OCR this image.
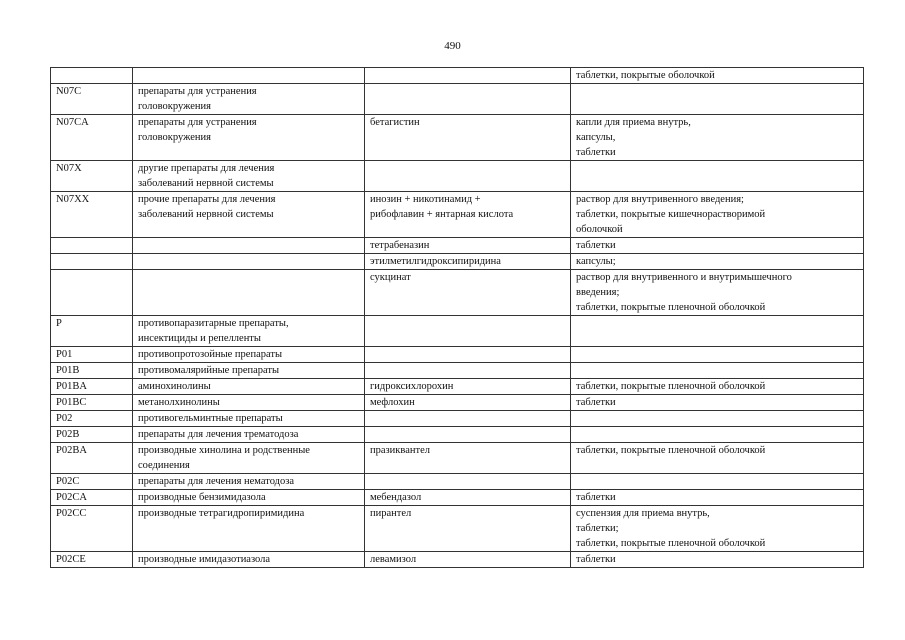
490

			таблетки, покрытые оболочкой

N07C	препараты для устранения
головокружения		

N07CA	препараты для устранения
головокружения	бетагистин	капли для приема внутрь,
капсулы,
таблетки

N07X	другие препараты для лечения
заболеваний нервной системы		

N07XX	прочие препараты для лечения
заболеваний нервной системы	инозин + никотинамид +
рибофлавин + янтарная кислота	раствор для внутривенного введения;
таблетки, покрытые кишечнорастворимой
оболочкой

		тетрабеназин	таблетки

		этилметилгидроксипиридина	капсулы;

		сукцинат	раствор для внутривенного и внутримышечного
введения;
таблетки, покрытые пленочной оболочкой

P	противопаразитарные препараты,
инсектициды и репелленты		

P01	противопротозойные препараты		

P01B	противомалярийные препараты		

P01BA	аминохинолины	гидроксихлорохин	таблетки, покрытые пленочной оболочкой

P01BC	метанолхинолины	мефлохин	таблетки

P02	противогельминтные препараты		

P02B	препараты для лечения трематодоза		

P02BA	производные хинолина и родственные
соединения	празиквантел	таблетки, покрытые пленочной оболочкой

P02C	препараты для лечения нематодоза		

P02CA	производные бензимидазола	мебендазол	таблетки

P02CC	производные тетрагидропиримидина	пирантел	суспензия для приема внутрь,
таблетки;
таблетки, покрытые пленочной оболочкой

P02CE	производные имидазотиазола	левамизол	таблетки
